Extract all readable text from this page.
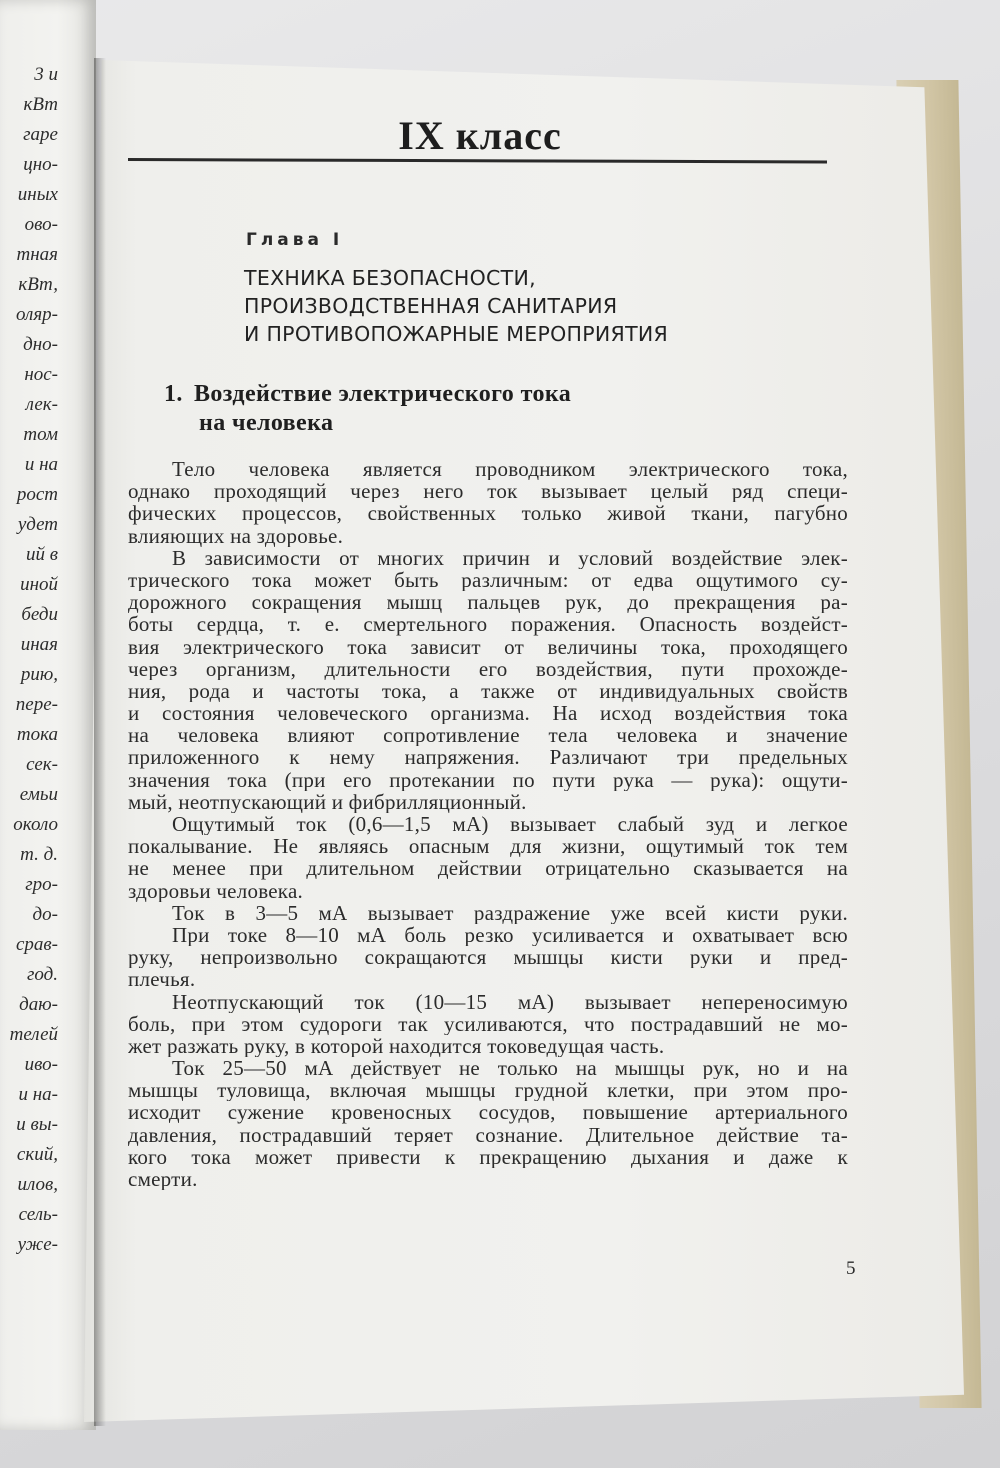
3 и
кВт
гаре
цно-
иных
ово-
тная
кВт,
оляр-
дно-
нос-
лек-
том
и на
рост
удет
ий в
иной
беди
иная
рию,
пере-
тока
сек-
емьи
около
т. д.
гро-
дo-
срав-
год.
дaю-
телей
иво-
и на-
и вы-
ский,
илов,
сель-
ужe-
IX класс
Глава I
ТЕХНИКА БЕЗОПАСНОСТИ,
ПРОИЗВОДСТВЕННАЯ САНИТАРИЯ
И ПРОТИВОПОЖАРНЫЕ МЕРОПРИЯТИЯ
1. Воздействие электрического тока
на человека
Тело человека является проводником электрического тока,
однако проходящий через него ток вызывает целый ряд специ-
фических процессов, свойственных только живой ткани, пагубно
влияющих на здоровье.
В зависимости от многих причин и условий воздействие элек-
трического тока может быть различным: от едва ощутимого су-
дорожного сокращения мышц пальцев рук, до прекращения ра-
боты сердца, т. е. смертельного поражения. Опасность воздейст-
вия электрического тока зависит от величины тока, проходящего
через организм, длительности его воздействия, пути прохожде-
ния, рода и частоты тока, а также от индивидуальных свойств
и состояния человеческого организма. На исход воздействия тока
на человека влияют сопротивление тела человека и значение
приложенного к нему напряжения. Различают три предельных
значения тока (при его протекании по пути рука — рука): ощути-
мый, неотпускающий и фибрилляционный.
Ощутимый ток (0,6—1,5 мА) вызывает слабый зуд и легкое
покалывание. Не являясь опасным для жизни, ощутимый ток тем
не менее при длительном действии отрицательно сказывается на
здоровьи человека.
Ток в 3—5 мА вызывает раздражение уже всей кисти руки.
При токе 8—10 мА боль резко усиливается и охватывает всю
руку, непроизвольно сокращаются мышцы кисти руки и пред-
плечья.
Неотпускающий ток (10—15 мА) вызывает непереносимую
боль, при этом судороги так усиливаются, что пострадавший не мо-
жет разжать руку, в которой находится токоведущая часть.
Ток 25—50 мА действует не только на мышцы рук, но и на
мышцы туловища, включая мышцы грудной клетки, при этом про-
исходит сужение кровеносных сосудов, повышение артериального
давления, пострадавший теряет сознание. Длительное действие та-
кого тока может привести к прекращению дыхания и даже к
смерти.
5
